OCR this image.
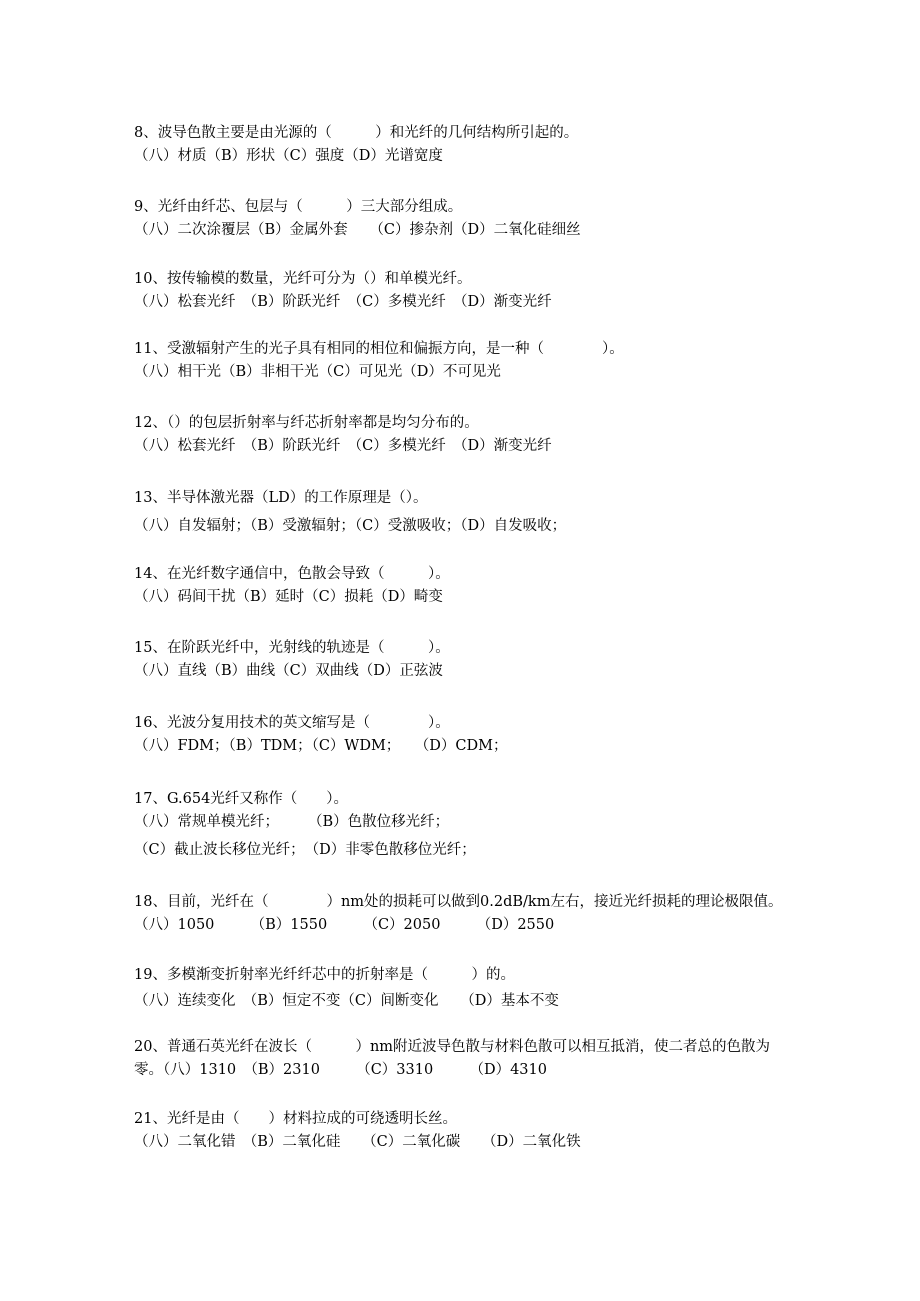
8、波导色散主要是由光源的（　　　）和光纤的几何结构所引起的。
（八）材质（B）形状（C）强度（D）光谱宽度
9、光纤由纤芯、包层与（　　　）三大部分组成。
（八）二次涂覆层（B）金属外套　　（C）掺杂剂（D）二氧化硅细丝
10、按传输模的数量，光纤可分为（）和单模光纤。
（八）松套光纤　（B）阶跃光纤　（C）多模光纤　（D）渐变光纤
11、受激辐射产生的光子具有相同的相位和偏振方向，是一种（　　　　）。
（八）相干光（B）非相干光（C）可见光（D）不可见光
12、（）的包层折射率与纤芯折射率都是均匀分布的。
（八）松套光纤　（B）阶跃光纤　（C）多模光纤　（D）渐变光纤
13、半导体激光器（LD）的工作原理是（）。
（八）自发辐射；（B）受激辐射；（C）受激吸收；（D）自发吸收；
14、在光纤数字通信中，色散会导致（　　　）。
（八）码间干扰（B）延时（C）损耗（D）畸变
15、在阶跃光纤中，光射线的轨迹是（　　　）。
（八）直线（B）曲线（C）双曲线（D）正弦波
16、光波分复用技术的英文缩写是（　　　　）。
（八）FDM；（B）TDM；（C）WDM；　　（D）CDM；
17、G.654光纤又称作（　　）。
（八）常规单模光纤；　　　（B）色散位移光纤；
（C）截止波长移位光纤；　（D）非零色散移位光纤；
18、目前，光纤在（　　　　）nm处的损耗可以做到0.2dB/km左右，接近光纤损耗的理论极限值。
（八）1050　　　（B）1550　　　（C）2050　　　（D）2550
19、多模渐变折射率光纤纤芯中的折射率是（　　　）的。
（八）连续变化　（B）恒定不变（C）间断变化　　（D）基本不变
20、普通石英光纤在波长（　　　）nm附近波导色散与材料色散可以相互抵消，使二者总的色散为
零。（八）1310　（B）2310　　　（C）3310　　　（D）4310
21、光纤是由（　　）材料拉成的可绕透明长丝。
（八）二氧化错　（B）二氧化硅　　（C）二氧化碳　　（D）二氧化铁
